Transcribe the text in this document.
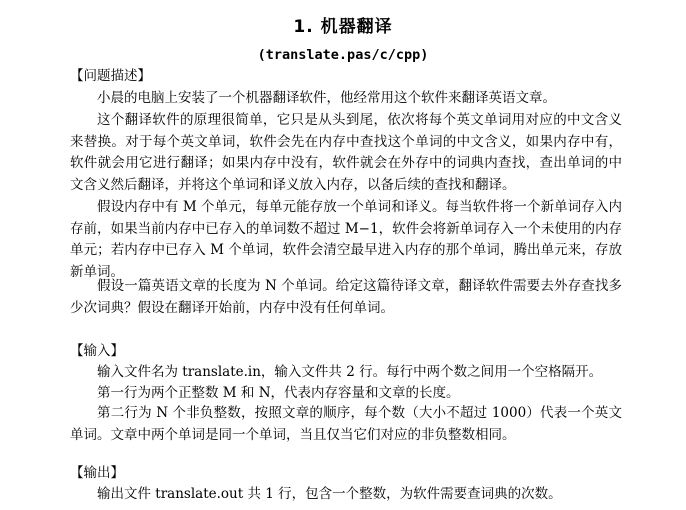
1. 机器翻译
(translate.pas/c/cpp)
【问题描述】

小晨的电脑上安装了一个机器翻译软件，他经常用这个软件来翻译英语文章。

这个翻译软件的原理很简单，它只是从头到尾，依次将每个英文单词用对应的中文含义来替换。对于每个英文单词，软件会先在内存中查找这个单词的中文含义，如果内存中有，软件就会用它进行翻译；如果内存中没有，软件就会在外存中的词典内查找，查出单词的中文含义然后翻译，并将这个单词和译义放入内存，以备后续的查找和翻译。

假设内存中有 M 个单元，每单元能存放一个单词和译义。每当软件将一个新单词存入内存前，如果当前内存中已存入的单词数不超过 M−1，软件会将新单词存入一个未使用的内存单元；若内存中已存入 M 个单词，软件会清空最早进入内存的那个单词，腾出单元来，存放新单词。

假设一篇英语文章的长度为 N 个单词。给定这篇待译文章，翻译软件需要去外存查找多少次词典？假设在翻译开始前，内存中没有任何单词。

【输入】

输入文件名为 translate.in，输入文件共 2 行。每行中两个数之间用一个空格隔开。

第一行为两个正整数 M 和 N，代表内存容量和文章的长度。

第二行为 N 个非负整数，按照文章的顺序，每个数（大小不超过 1000）代表一个英文单词。文章中两个单词是同一个单词，当且仅当它们对应的非负整数相同。

【输出】

输出文件 translate.out 共 1 行，包含一个整数，为软件需要查词典的次数。
